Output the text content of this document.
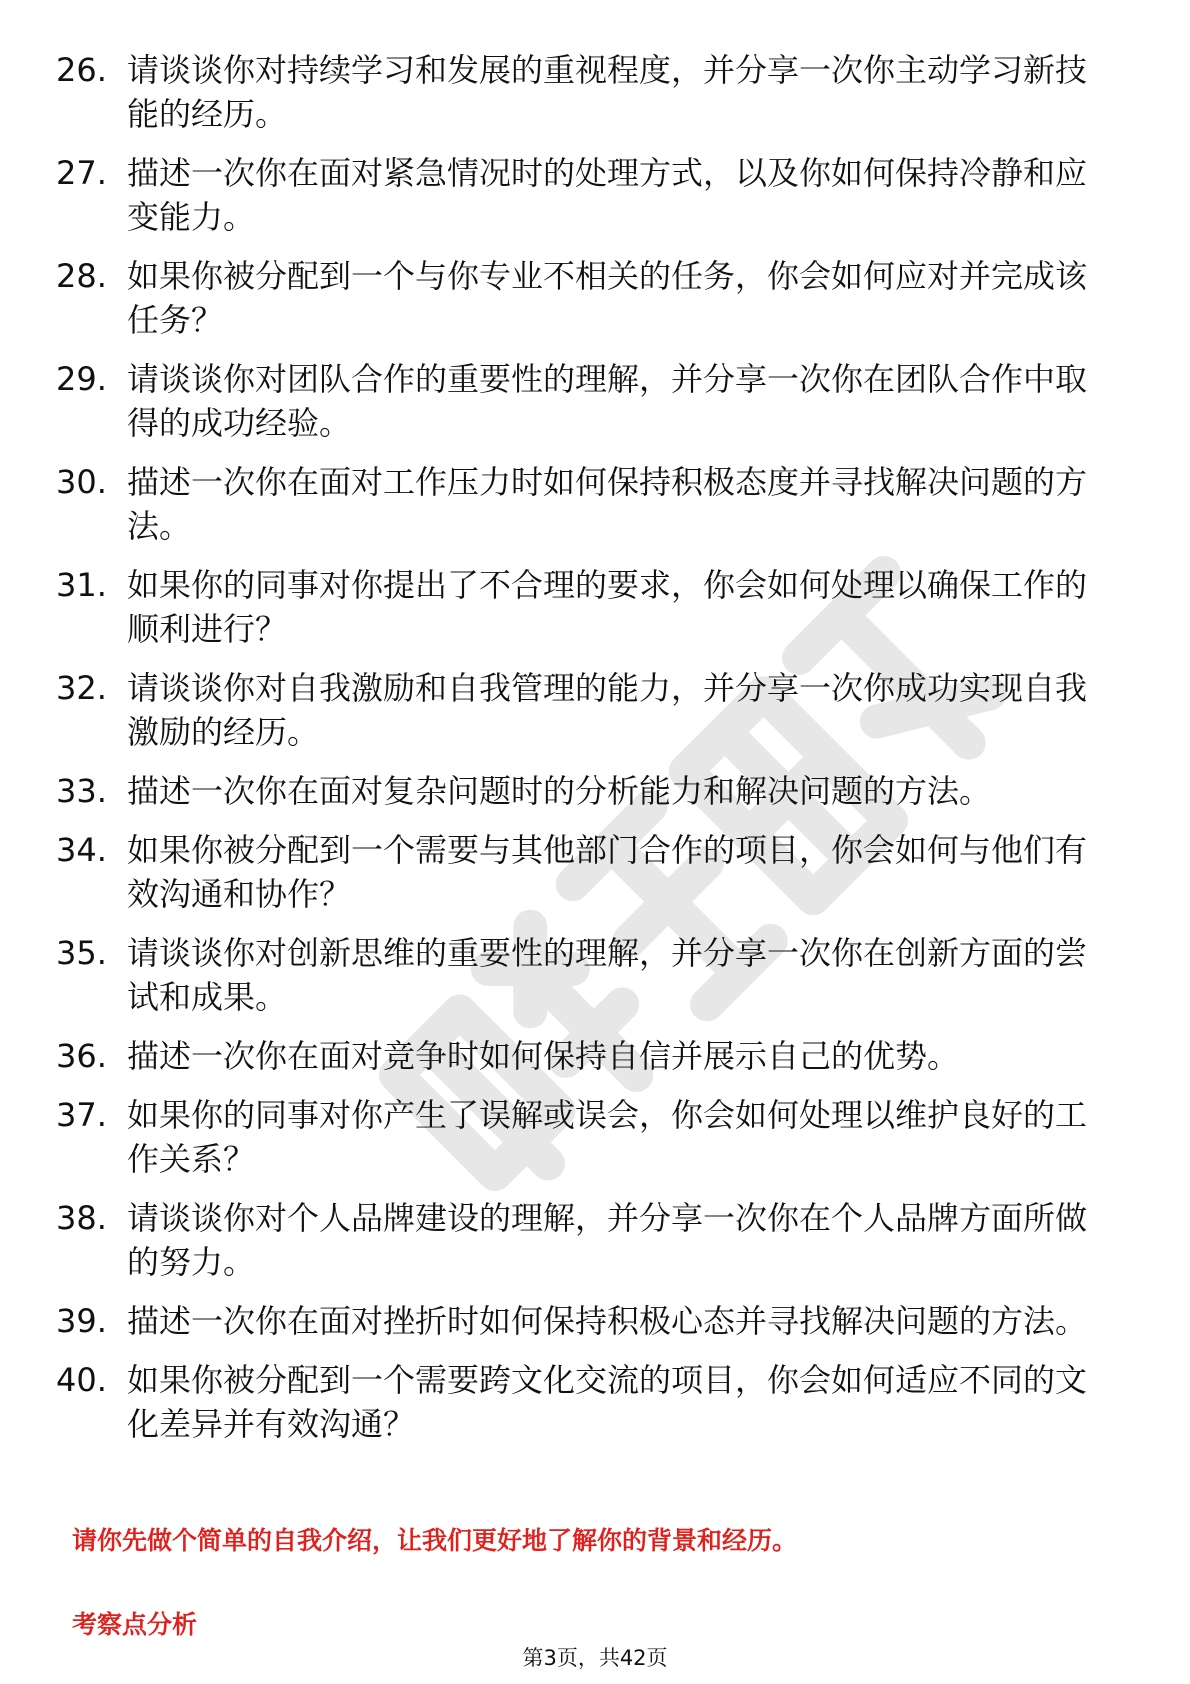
26. 请谈谈你对持续学习和发展的重视程度，并分享一次你主动学习新技能的经历。
27. 描述一次你在面对紧急情况时的处理方式，以及你如何保持冷静和应变能力。
28. 如果你被分配到一个与你专业不相关的任务，你会如何应对并完成该任务？
29. 请谈谈你对团队合作的重要性的理解，并分享一次你在团队合作中取得的成功经验。
30. 描述一次你在面对工作压力时如何保持积极态度并寻找解决问题的方法。
31. 如果你的同事对你提出了不合理的要求，你会如何处理以确保工作的顺利进行？
32. 请谈谈你对自我激励和自我管理的能力，并分享一次你成功实现自我激励的经历。
33. 描述一次你在面对复杂问题时的分析能力和解决问题的方法。
34. 如果你被分配到一个需要与其他部门合作的项目，你会如何与他们有效沟通和协作？
35. 请谈谈你对创新思维的重要性的理解，并分享一次你在创新方面的尝试和成果。
36. 描述一次你在面对竞争时如何保持自信并展示自己的优势。
37. 如果你的同事对你产生了误解或误会，你会如何处理以维护良好的工作关系？
38. 请谈谈你对个人品牌建设的理解，并分享一次你在个人品牌方面所做的努力。
39. 描述一次你在面对挫折时如何保持积极心态并寻找解决问题的方法。
40. 如果你被分配到一个需要跨文化交流的项目，你会如何适应不同的文化差异并有效沟通？
请你先做个简单的自我介绍，让我们更好地了解你的背景和经历。
考察点分析
第3页，共42页
